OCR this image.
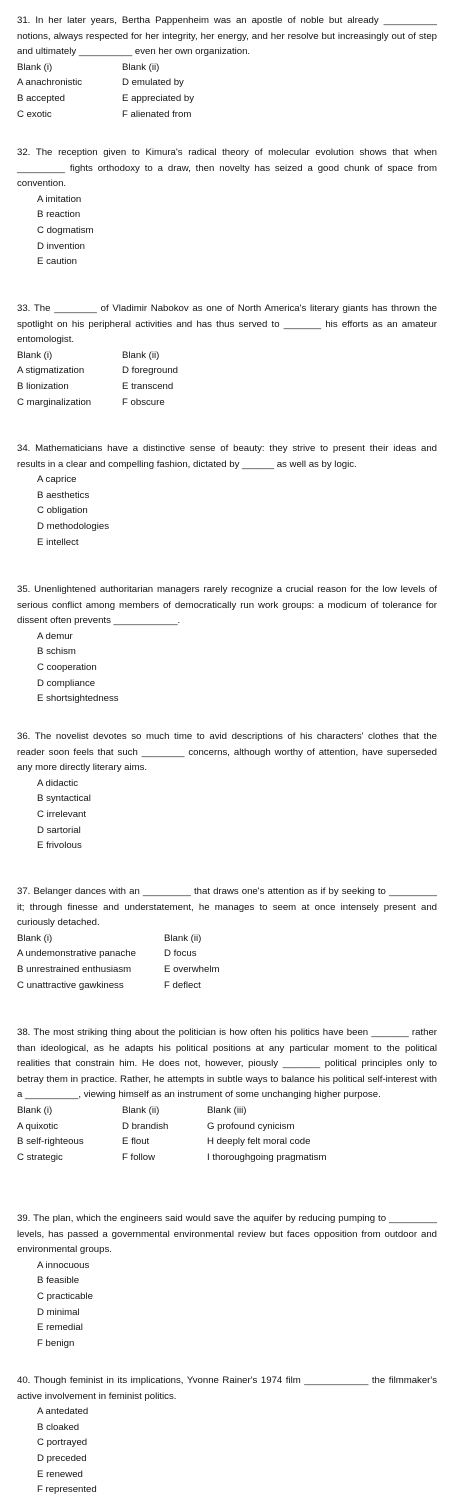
31. In her later years, Bertha Pappenheim was an apostle of noble but already __________ notions, always respected for her integrity, her energy, and her resolve but increasingly out of step and ultimately __________ even her own organization.
Blank (i)	Blank (ii)
A anachronistic	D emulated by
B accepted	E appreciated by
C exotic	F alienated from
32. The reception given to Kimura's radical theory of molecular evolution shows that when _________ fights orthodoxy to a draw, then novelty has seized a good chunk of space from convention.
A imitation
B reaction
C dogmatism
D invention
E caution
33. The ________ of Vladimir Nabokov as one of North America's literary giants has thrown the spotlight on his peripheral activities and has thus served to _______ his efforts as an amateur entomologist.
Blank (i)	Blank (ii)
A stigmatization	D foreground
B lionization	E transcend
C marginalization	F obscure
34. Mathematicians have a distinctive sense of beauty: they strive to present their ideas and results in a clear and compelling fashion, dictated by ______ as well as by logic.
A caprice
B aesthetics
C obligation
D methodologies
E intellect
35. Unenlightened authoritarian managers rarely recognize a crucial reason for the low levels of serious conflict among members of democratically run work groups: a modicum of tolerance for dissent often prevents ____________.
A demur
B schism
C cooperation
D compliance
E shortsightedness
36. The novelist devotes so much time to avid descriptions of his characters' clothes that the reader soon feels that such ________ concerns, although worthy of attention, have superseded any more directly literary aims.
A didactic
B syntactical
C irrelevant
D sartorial
E frivolous
37. Belanger dances with an _________ that draws one's attention as if by seeking to _________ it; through finesse and understatement, he manages to seem at once intensely present and curiously detached.
Blank (i)	Blank (ii)
A undemonstrative panache	D focus
B unrestrained enthusiasm	E overwhelm
C unattractive gawkiness	F deflect
38. The most striking thing about the politician is how often his politics have been _______ rather than ideological, as he adapts his political positions at any particular moment to the political realities that constrain him. He does not, however, piously _______ political principles only to betray them in practice. Rather, he attempts in subtle ways to balance his political self-interest with a __________, viewing himself as an instrument of some unchanging higher purpose.
Blank (i)	Blank (ii)	Blank (iii)
A quixotic	D brandish	G profound cynicism
B self-righteous	E flout	H deeply felt moral code
C strategic	F follow	I thoroughgoing pragmatism
39. The plan, which the engineers said would save the aquifer by reducing pumping to _________ levels, has passed a governmental environmental review but faces opposition from outdoor and environmental groups.
A innocuous
B feasible
C practicable
D minimal
E remedial
F benign
40. Though feminist in its implications, Yvonne Rainer's 1974 film ____________ the filmmaker's active involvement in feminist politics.
A antedated
B cloaked
C portrayed
D preceded
E renewed
F represented
